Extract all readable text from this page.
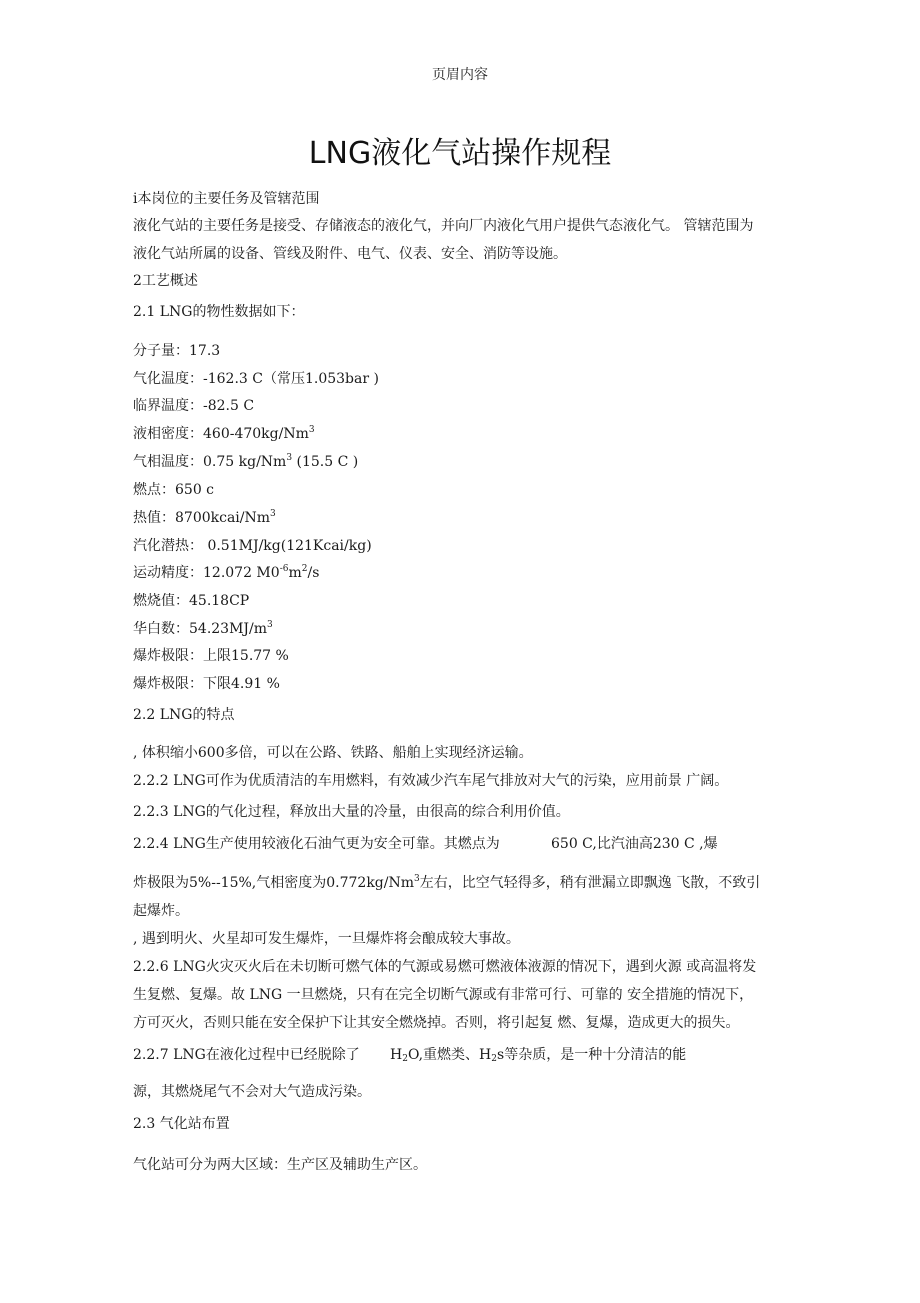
页眉内容
LNG液化气站操作规程
i本岗位的主要任务及管辖范围
液化气站的主要任务是接受、存储液态的液化气，并向厂内液化气用户提供气态液化气。 管辖范围为
液化气站所属的设备、管线及附件、电气、仪表、安全、消防等设施。
2工艺概述
2.1 LNG的物性数据如下：
分子量：17.3
气化温度：-162.3 C（常压1.053bar )
临界温度：-82.5 C
液相密度：460-470kg/Nm$^3$
气相温度：0.75 kg/Nm$^3$ (15.5 C )
燃点：650 c
热值：8700kcai/Nm$^3$
汽化潜热： 0.51MJ/kg(121Kcai/kg)
运动精度：12.072 $M0^{-6}m^2/s$
燃烧值：45.18CP
华白数：$54.23MJ/m^3$
爆炸极限：上限15.77 %
爆炸极限：下限4.91 %
2.2 LNG的特点
, 体积缩小600多倍，可以在公路、铁路、船舶上实现经济运输。
2.2.2 LNG可作为优质清洁的车用燃料，有效减少汽车尾气排放对大气的污染，应用前景 广阔。
2.2.3 LNG的气化过程，释放出大量的冷量，由很高的综合利用价值。
2.2.4 LNG生产使用较液化石油气更为安全可靠。其燃点为	650 C,比汽油高230 C ,爆
炸极限为5%--15%,气相密度为0.772kg/Nm$^3$左右，比空气轻得多，稍有泄漏立即飘逸 飞散，不致引
起爆炸。
, 遇到明火、火星却可发生爆炸，一旦爆炸将会酿成较大事故。
2.2.6 LNG火灾灭火后在未切断可燃气体的气源或易燃可燃液体液源的情况下，遇到火源 或高温将发
生复燃、复爆。故 LNG 一旦燃烧，只有在完全切断气源或有非常可行、可靠的 安全措施的情况下，
方可灭火，否则只能在安全保护下让其安全燃烧掉。否则，将引起复 燃、复爆，造成更大的损失。
2.2.7 LNG在液化过程中已经脱除了 $H_2O$,重燃类、$H_2s$等杂质，是一种十分清洁的能
源，其燃烧尾气不会对大气造成污染。
2.3 气化站布置
气化站可分为两大区域：生产区及辅助生产区。
